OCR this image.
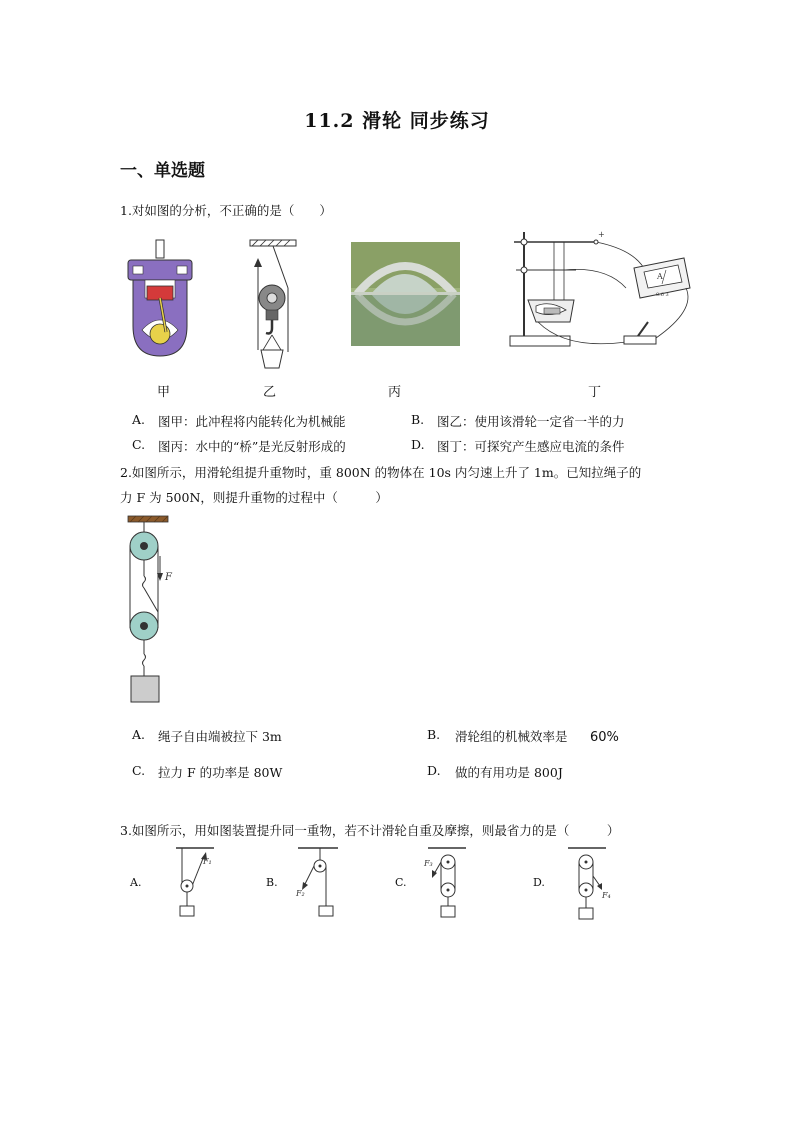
11.2 滑轮 同步练习
一、单选题
1.对如图的分析，不正确的是（　　）
甲	乙	丙
A
0.6 3
+
丁
A. 图甲：此冲程将内能转化为机械能	B. 图乙：使用该滑轮一定省一半的力
C. 图丙：水中的“桥”是光反射形成的	D. 图丁：可探究产生感应电流的条件
2.如图所示，用滑轮组提升重物时，重 800N 的物体在 10s 内匀速上升了 1m。已知拉绳子的
力 F 为 500N，则提升重物的过程中（　　　）
F
A. 绳子自由端被拉下 3m	B. 滑轮组的机械效率是 60%
C. 拉力 F 的功率是 80W	D. 做的有用功是 800J
3.如图所示，用如图装置提升同一重物，若不计滑轮自重及摩擦，则最省力的是（　　　）
A.
F₁
B.
F₂
C.
F₃
D.
F₄
